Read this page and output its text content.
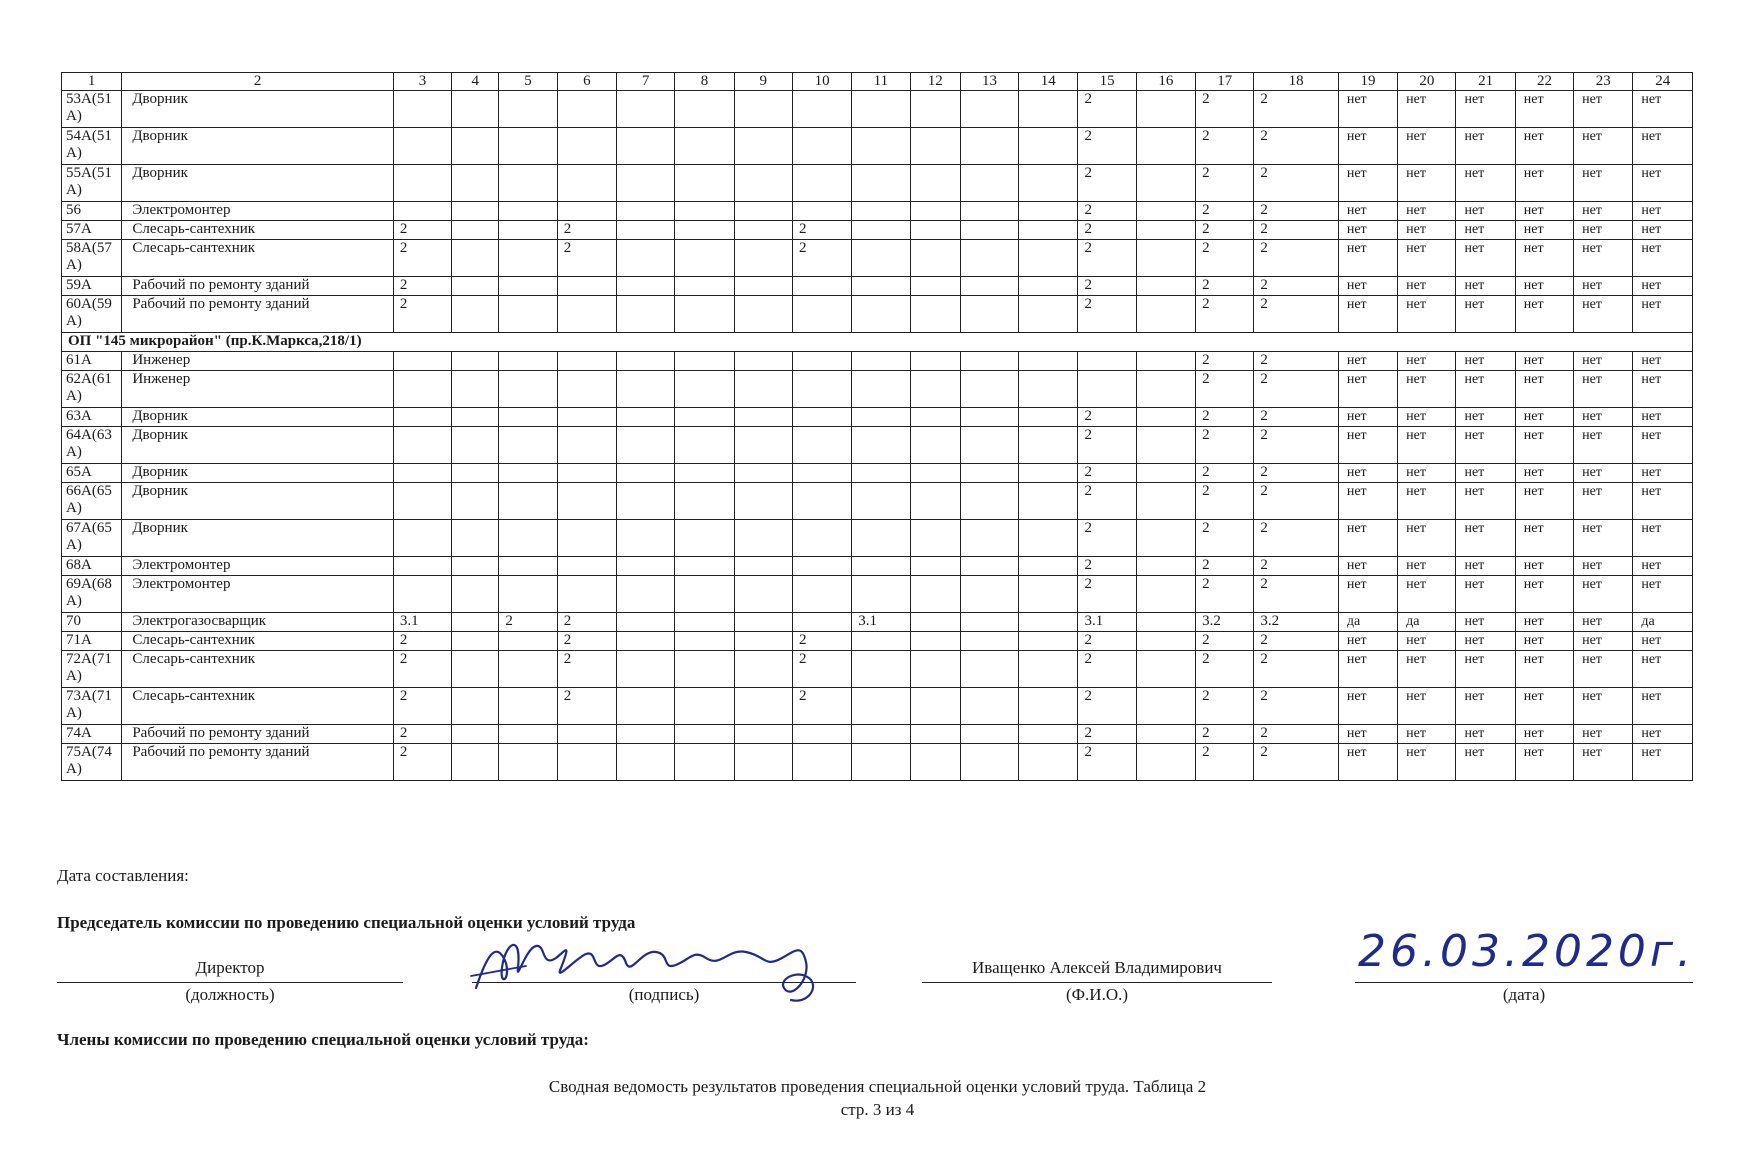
1	2	3	4	5	6	7	8	9	10	11	12	13	14	15	16	17	18	19	20	21	22	23	24
53А(51А)	Дворник													2		2	2	нет	нет	нет	нет	нет	нет
54А(51А)	Дворник													2		2	2	нет	нет	нет	нет	нет	нет
55А(51А)	Дворник													2		2	2	нет	нет	нет	нет	нет	нет
56	Электромонтер													2		2	2	нет	нет	нет	нет	нет	нет
57А	Слесарь-сантехник	2			2				2					2		2	2	нет	нет	нет	нет	нет	нет
58А(57А)	Слесарь-сантехник	2			2				2					2		2	2	нет	нет	нет	нет	нет	нет
59А	Рабочий по ремонту зданий	2												2		2	2	нет	нет	нет	нет	нет	нет
60А(59А)	Рабочий по ремонту зданий	2												2		2	2	нет	нет	нет	нет	нет	нет
ОП "145 микрорайон" (пр.К.Маркса,218/1)																							
61А	Инженер															2	2	нет	нет	нет	нет	нет	нет
62А(61А)	Инженер															2	2	нет	нет	нет	нет	нет	нет
63А	Дворник													2		2	2	нет	нет	нет	нет	нет	нет
64А(63А)	Дворник													2		2	2	нет	нет	нет	нет	нет	нет
65А	Дворник													2		2	2	нет	нет	нет	нет	нет	нет
66А(65А)	Дворник													2		2	2	нет	нет	нет	нет	нет	нет
67А(65А)	Дворник													2		2	2	нет	нет	нет	нет	нет	нет
68А	Электромонтер													2		2	2	нет	нет	нет	нет	нет	нет
69А(68А)	Электромонтер													2		2	2	нет	нет	нет	нет	нет	нет
70	Электрогазосварщик	3.1		2	2					3.1				3.1		3.2	3.2	да	да	нет	нет	нет	да
71А	Слесарь-сантехник	2			2				2					2		2	2	нет	нет	нет	нет	нет	нет
72А(71А)	Слесарь-сантехник	2			2				2					2		2	2	нет	нет	нет	нет	нет	нет
73А(71А)	Слесарь-сантехник	2			2				2					2		2	2	нет	нет	нет	нет	нет	нет
74А	Рабочий по ремонту зданий	2												2		2	2	нет	нет	нет	нет	нет	нет
75А(74А)	Рабочий по ремонту зданий	2												2		2	2	нет	нет	нет	нет	нет	нет
Дата составления:
Председатель комиссии по проведению специальной оценки условий труда
Директор
(должность)	(подпись)
Иващенко Алексей Владимирович
(Ф.И.О.)
26.03.2020г.
(дата)
Члены комиссии по проведению специальной оценки условий труда:
Сводная ведомость результатов проведения специальной оценки условий труда. Таблица 2
стр. 3 из 4
